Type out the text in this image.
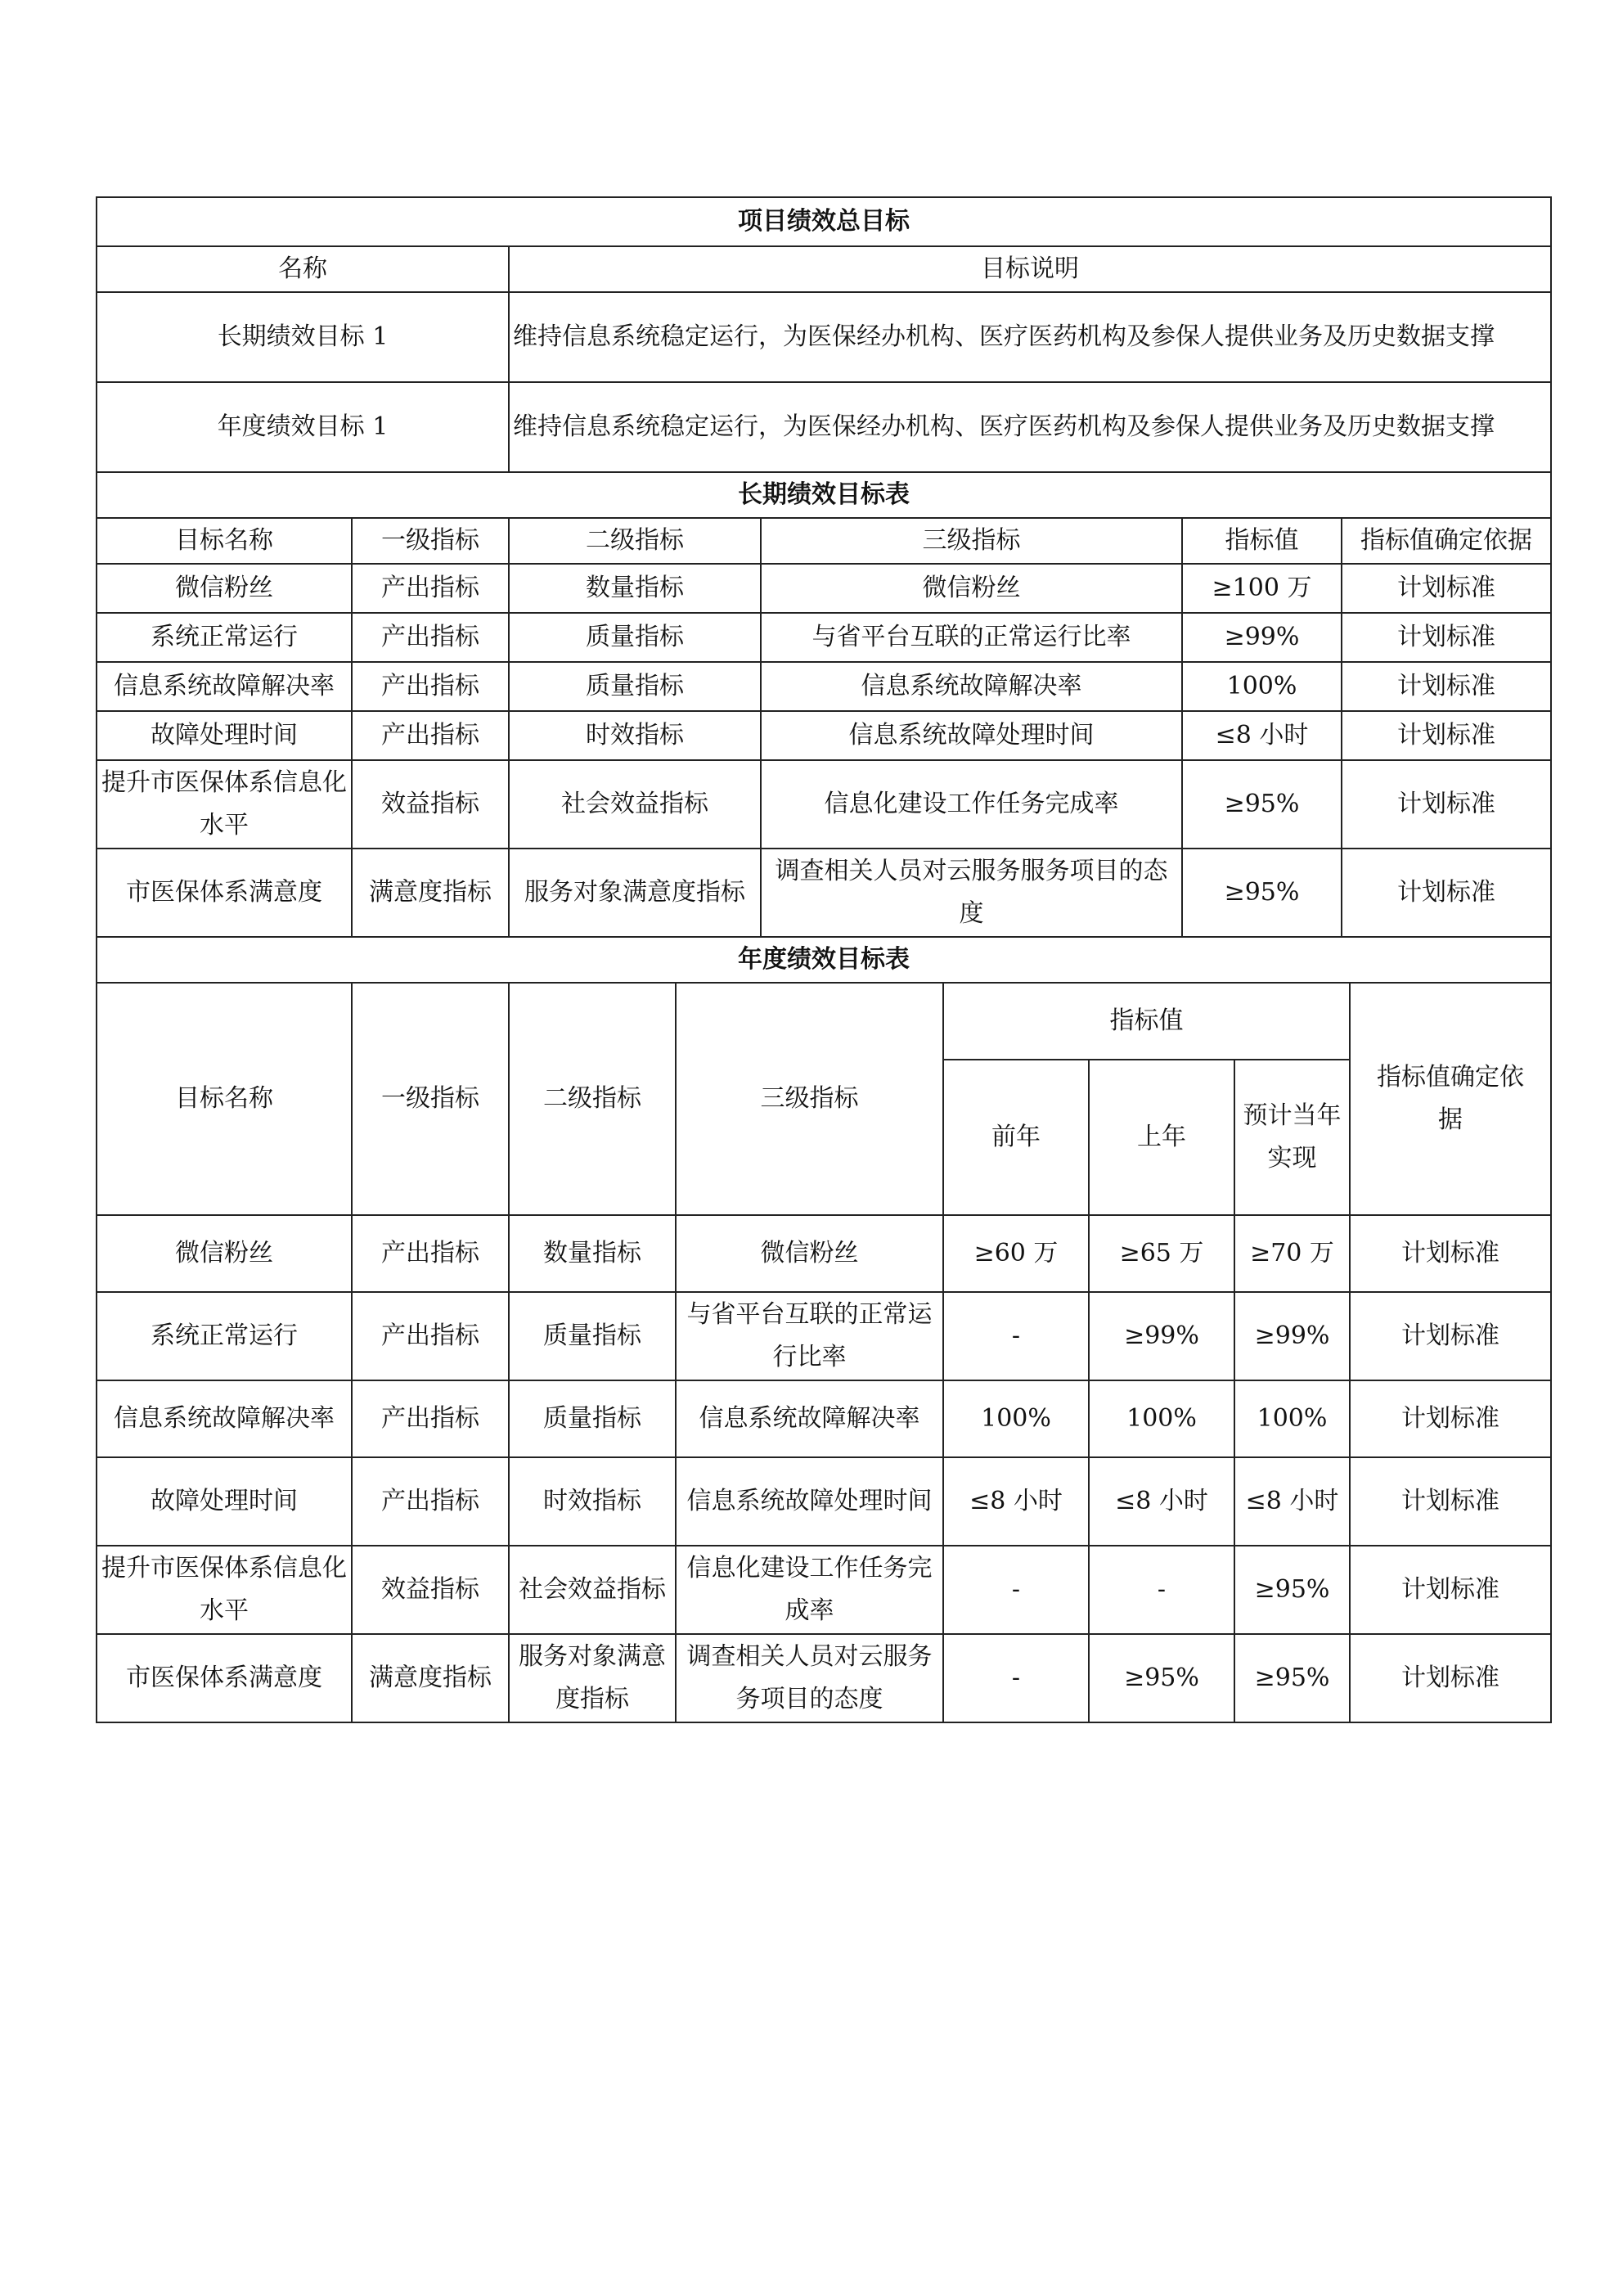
项目绩效总目标					
名称		目标说明			
长期绩效目标 1		维持信息系统稳定运行，为医保经办机构、医疗医药机构及参保人提供业务及历史数据支撑			
年度绩效目标 1		维持信息系统稳定运行，为医保经办机构、医疗医药机构及参保人提供业务及历史数据支撑			
长期绩效目标表					
目标名称	一级指标	二级指标	三级指标	指标值	指标值确定依据
微信粉丝	产出指标	数量指标	微信粉丝	≥100 万	计划标准
系统正常运行	产出指标	质量指标	与省平台互联的正常运行比率	≥99%	计划标准
信息系统故障解决率	产出指标	质量指标	信息系统故障解决率	100%	计划标准
故障处理时间	产出指标	时效指标	信息系统故障处理时间	≤8 小时	计划标准
提升市医保体系信息化水平	效益指标	社会效益指标	信息化建设工作任务完成率	≥95%	计划标准
市医保体系满意度	满意度指标	服务对象满意度指标	调查相关人员对云服务服务项目的态度	≥95%	计划标准
年度绩效目标表					
目标名称	一级指标	二级指标	三级指标	指标值			指标值确定依据
				前年	上年	预计当年实现	
微信粉丝	产出指标	数量指标	微信粉丝	≥60 万	≥65 万	≥70 万	计划标准
系统正常运行	产出指标	质量指标	与省平台互联的正常运行比率	-	≥99%	≥99%	计划标准
信息系统故障解决率	产出指标	质量指标	信息系统故障解决率	100%	100%	100%	计划标准
故障处理时间	产出指标	时效指标	信息系统故障处理时间	≤8 小时	≤8 小时	≤8 小时	计划标准
提升市医保体系信息化水平	效益指标	社会效益指标	信息化建设工作任务完成率	-	-	≥95%	计划标准
市医保体系满意度	满意度指标	服务对象满意度指标	调查相关人员对云服务务项目的态度	-	≥95%	≥95%	计划标准
